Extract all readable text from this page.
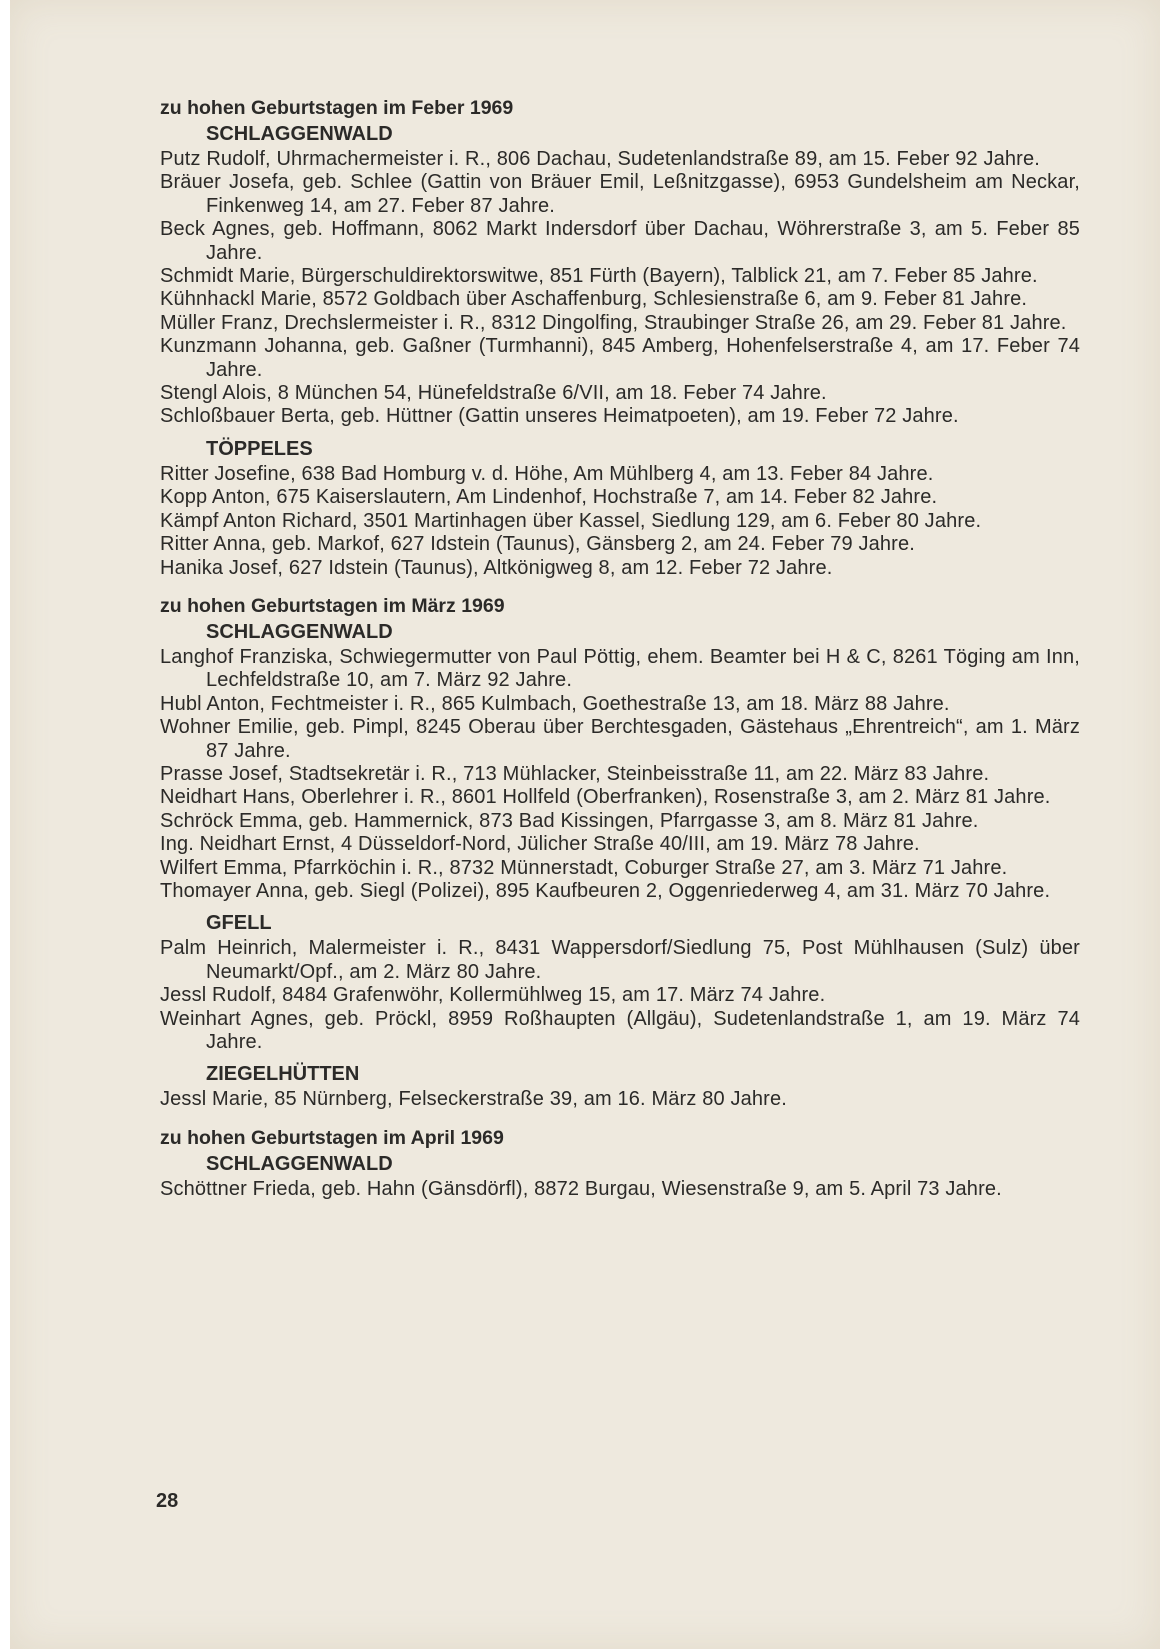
zu hohen Geburtstagen im Feber 1969
SCHLAGGENWALD

Putz Rudolf, Uhrmachermeister i. R., 806 Dachau, Sudetenlandstraße 89, am 15. Feber 92 Jahre.

Bräuer Josefa, geb. Schlee (Gattin von Bräuer Emil, Leßnitzgasse), 6953 Gundelsheim am Neckar, Finkenweg 14, am 27. Feber 87 Jahre.

Beck Agnes, geb. Hoffmann, 8062 Markt Indersdorf über Dachau, Wöhrerstraße 3, am 5. Feber 85 Jahre.

Schmidt Marie, Bürgerschuldirektorswitwe, 851 Fürth (Bayern), Talblick 21, am 7. Feber 85 Jahre.

Kühnhackl Marie, 8572 Goldbach über Aschaffenburg, Schlesienstraße 6, am 9. Feber 81 Jahre.

Müller Franz, Drechslermeister i. R., 8312 Dingolfing, Straubinger Straße 26, am 29. Feber 81 Jahre.

Kunzmann Johanna, geb. Gaßner (Turmhanni), 845 Amberg, Hohenfelserstraße 4, am 17. Feber 74 Jahre.

Stengl Alois, 8 München 54, Hünefeldstraße 6/VII, am 18. Feber 74 Jahre.

Schloßbauer Berta, geb. Hüttner (Gattin unseres Heimatpoeten), am 19. Feber 72 Jahre.

TÖPPELES

Ritter Josefine, 638 Bad Homburg v. d. Höhe, Am Mühlberg 4, am 13. Feber 84 Jahre.

Kopp Anton, 675 Kaiserslautern, Am Lindenhof, Hochstraße 7, am 14. Feber 82 Jahre.

Kämpf Anton Richard, 3501 Martinhagen über Kassel, Siedlung 129, am 6. Feber 80 Jahre.

Ritter Anna, geb. Markof, 627 Idstein (Taunus), Gänsberg 2, am 24. Feber 79 Jahre.

Hanika Josef, 627 Idstein (Taunus), Altkönigweg 8, am 12. Feber 72 Jahre.

zu hohen Geburtstagen im März 1969
SCHLAGGENWALD

Langhof Franziska, Schwiegermutter von Paul Pöttig, ehem. Beamter bei H & C, 8261 Töging am Inn, Lechfeldstraße 10, am 7. März 92 Jahre.

Hubl Anton, Fechtmeister i. R., 865 Kulmbach, Goethestraße 13, am 18. März 88 Jahre.

Wohner Emilie, geb. Pimpl, 8245 Oberau über Berchtesgaden, Gästehaus „Ehrentreich“, am 1. März 87 Jahre.

Prasse Josef, Stadtsekretär i. R., 713 Mühlacker, Steinbeisstraße 11, am 22. März 83 Jahre.

Neidhart Hans, Oberlehrer i. R., 8601 Hollfeld (Oberfranken), Rosenstraße 3, am 2. März 81 Jahre.

Schröck Emma, geb. Hammernick, 873 Bad Kissingen, Pfarrgasse 3, am 8. März 81 Jahre.

Ing. Neidhart Ernst, 4 Düsseldorf-Nord, Jülicher Straße 40/III, am 19. März 78 Jahre.

Wilfert Emma, Pfarrköchin i. R., 8732 Münnerstadt, Coburger Straße 27, am 3. März 71 Jahre.

Thomayer Anna, geb. Siegl (Polizei), 895 Kaufbeuren 2, Oggenriederweg 4, am 31. März 70 Jahre.

GFELL

Palm Heinrich, Malermeister i. R., 8431 Wappersdorf/Siedlung 75, Post Mühlhausen (Sulz) über Neumarkt/Opf., am 2. März 80 Jahre.

Jessl Rudolf, 8484 Grafenwöhr, Kollermühlweg 15, am 17. März 74 Jahre.

Weinhart Agnes, geb. Pröckl, 8959 Roßhaupten (Allgäu), Sudetenlandstraße 1, am 19. März 74 Jahre.

ZIEGELHÜTTEN

Jessl Marie, 85 Nürnberg, Felseckerstraße 39, am 16. März 80 Jahre.

zu hohen Geburtstagen im April 1969
SCHLAGGENWALD

Schöttner Frieda, geb. Hahn (Gänsdörfl), 8872 Burgau, Wiesenstraße 9, am 5. April 73 Jahre.

28
